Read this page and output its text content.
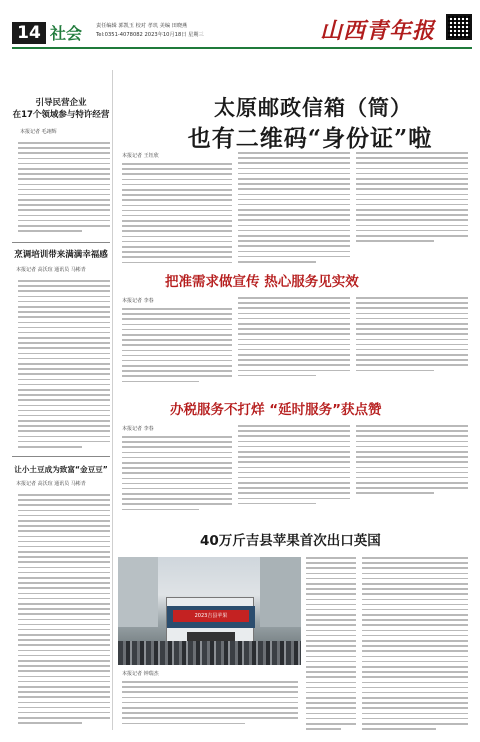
14 社会	责任编辑 郭凯玉 校对 孝玑 美编 田晓燕
Tel:0351-4078082 2023年10月18日 星期三	山西青年报
引导民营企业
在17个领域参与特许经营
本报记者 毛翊辉
烹调培训带来满满幸福感
本报记者 高沃瑄 通讯员 马彬青
让小土豆成为致富“金豆豆”
本报记者 高沃瑄 通讯员 马彬青
太原邮政信箱（筒）
也有二维码“身份证”啦
本报记者 王钰欣
把准需求做宣传 热心服务见实效
本报记者 李春
办税服务不打烊 “延时服务”获点赞
本报记者 李春
40万斤吉县苹果首次出口英国
2023吉县苹果
本报记者 钟瑞杰
